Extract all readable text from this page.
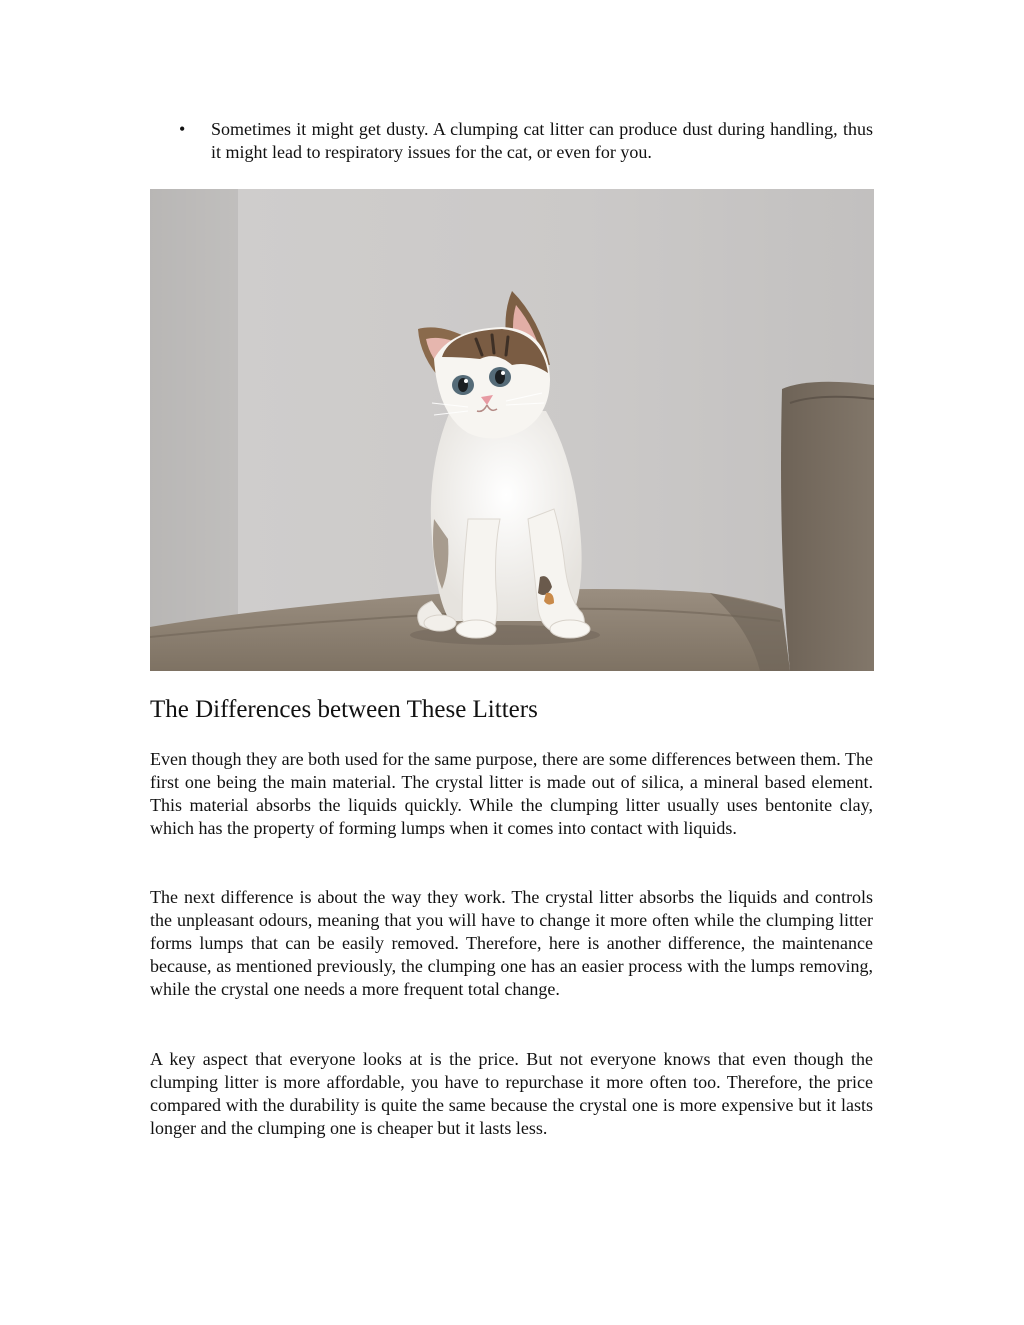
• Sometimes it might get dusty. A clumping cat litter can produce dust during handling, thus it might lead to respiratory issues for the cat, or even for you.
The Differences between These Litters

Even though they are both used for the same purpose, there are some differences between them. The first one being the main material. The crystal litter is made out of silica, a mineral based element. This material absorbs the liquids quickly. While the clumping litter usually uses bentonite clay, which has the property of forming lumps when it comes into contact with liquids.

The next difference is about the way they work. The crystal litter absorbs the liquids and controls the unpleasant odours, meaning that you will have to change it more often while the clumping litter forms lumps that can be easily removed. Therefore, here is another difference, the maintenance because, as mentioned previously, the clumping one has an easier process with the lumps removing, while the crystal one needs a more frequent total change.

A key aspect that everyone looks at is the price. But not everyone knows that even though the clumping litter is more affordable, you have to repurchase it more often too. Therefore, the price compared with the durability is quite the same because the crystal one is more expensive but it lasts longer and the clumping one is cheaper but it lasts less.
